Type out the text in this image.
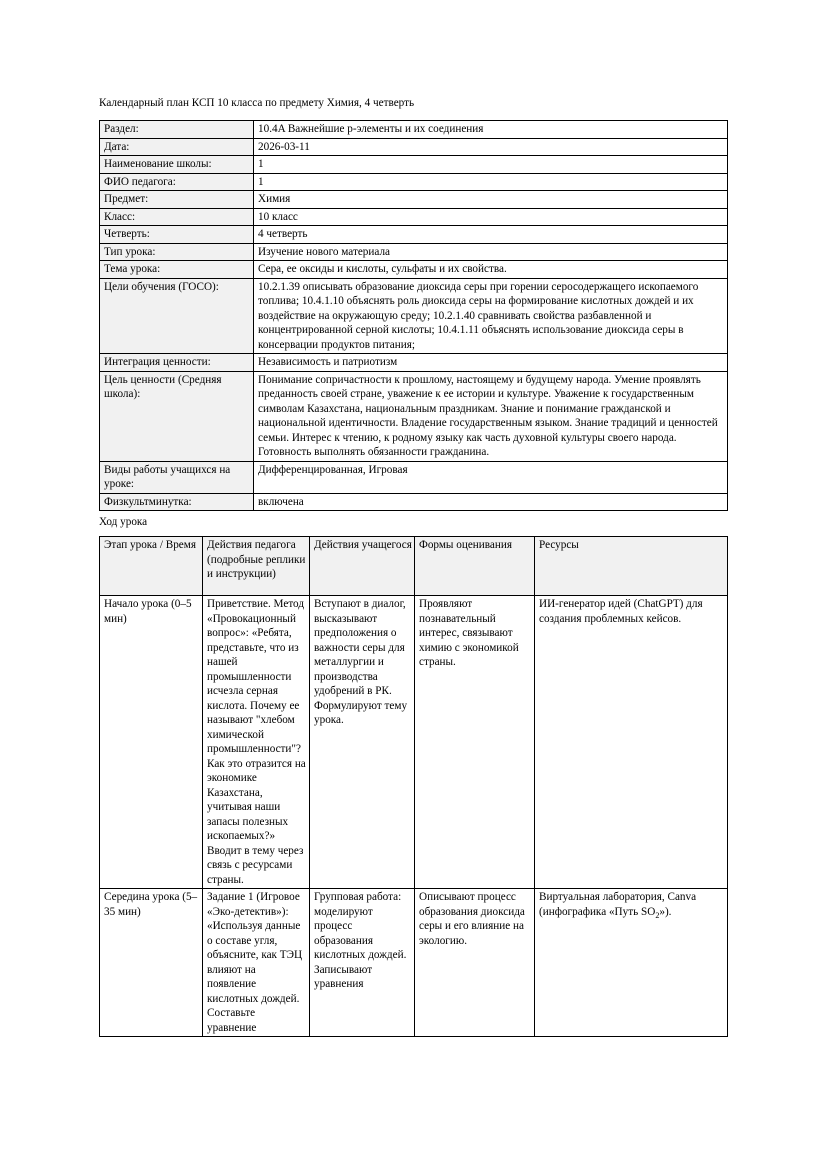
Календарный план КСП 10 класса по предмету Химия, 4 четверть
Раздел:	10.4A Важнейшие p-элементы и их соединения
Дата:	2026-03-11
Наименование школы:	1
ФИО педагога:	1
Предмет:	Химия
Класс:	10 класс
Четверть:	4 четверть
Тип урока:	Изучение нового материала
Тема урока:	Сера, ее оксиды и кислоты, сульфаты и их свойства.
Цели обучения (ГОСО):	10.2.1.39 описывать образование диоксида серы при горении серосодержащего ископаемого топлива; 10.4.1.10 объяснять роль диоксида серы на формирование кислотных дождей и их воздействие на окружающую среду; 10.2.1.40 сравнивать свойства разбавленной и концентрированной серной кислоты; 10.4.1.11 объяснять использование диоксида серы в консервации продуктов питания;
Интеграция ценности:	Независимость и патриотизм
Цель ценности (Средняя школа):	Понимание сопричастности к прошлому, настоящему и будущему народа. Умение проявлять преданность своей стране, уважение к ее истории и культуре. Уважение к государственным символам Казахстана, национальным праздникам. Знание и понимание гражданской и национальной идентичности. Владение государственным языком. Знание традиций и ценностей семьи. Интерес к чтению, к родному языку как часть духовной культуры своего народа. Готовность выполнять обязанности гражданина.
Виды работы учащихся на уроке:	Дифференцированная, Игровая
Физкультминутка:	включена
Ход урока
Этап урока / Время	Действия педагога (подробные реплики и инструкции)	Действия учащегося	Формы оценивания	Ресурсы
Начало урока (0–5 мин)	Приветствие. Метод «Провокационный вопрос»: «Ребята, представьте, что из нашей промышленности исчезла серная кислота. Почему ее называют "хлебом химической промышленности"? Как это отразится на экономике Казахстана, учитывая наши запасы полезных ископаемых?» Вводит в тему через связь с ресурсами страны.	Вступают в диалог, высказывают предположения о важности серы для металлургии и производства удобрений в РК. Формулируют тему урока.	Проявляют познавательный интерес, связывают химию с экономикой страны.	ИИ-генератор идей (ChatGPT) для создания проблемных кейсов.
Середина урока (5–35 мин)	Задание 1 (Игровое «Эко-детектив»): «Используя данные о составе угля, объясните, как ТЭЦ влияют на появление кислотных дождей. Составьте уравнение	Групповая работа: моделируют процесс образования кислотных дождей. Записывают уравнения	Описывают процесс образования диоксида серы и его влияние на экологию.	Виртуальная лаборатория, Canva (инфографика «Путь $SO_2$»).
